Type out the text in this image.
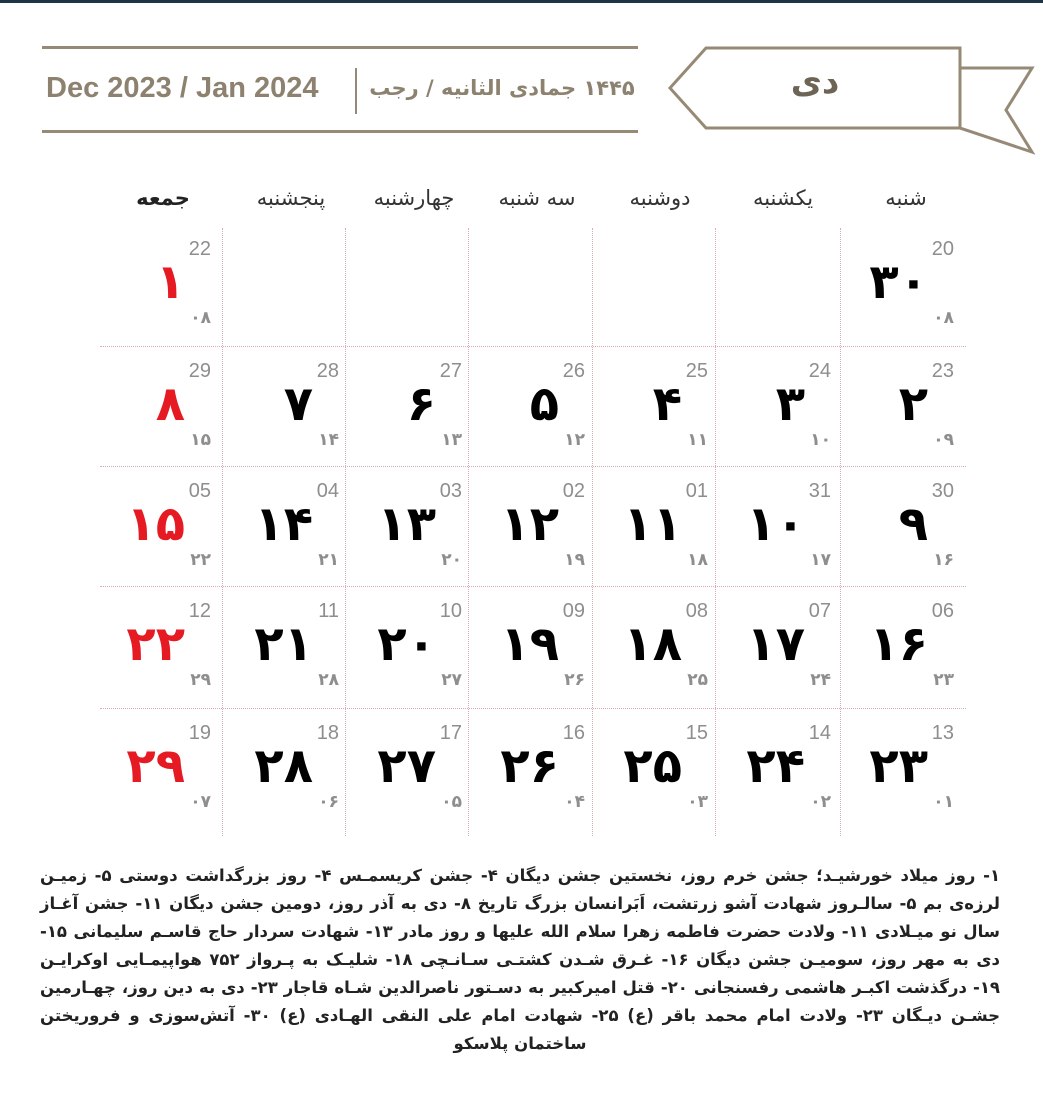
Dec 2023 / Jan 2024	۱۴۴۵ جمادی الثانیه / رجب	دی
شنبه
یکشنبه
دوشنبه
سه شنبه
چهارشنبه
پنجشنبه
جمعه
20
۳۰
۰۸
22
۱
۰۸
23
۲
۰۹
24
۳
۱۰
25
۴
۱۱
26
۵
۱۲
27
۶
۱۳
28
۷
۱۴
29
۸
۱۵
30
۹
۱۶
31
۱۰
۱۷
01
۱۱
۱۸
02
۱۲
۱۹
03
۱۳
۲۰
04
۱۴
۲۱
05
۱۵
۲۲
06
۱۶
۲۳
07
۱۷
۲۴
08
۱۸
۲۵
09
۱۹
۲۶
10
۲۰
۲۷
11
۲۱
۲۸
12
۲۲
۲۹
13
۲۳
۰۱
14
۲۴
۰۲
15
۲۵
۰۳
16
۲۶
۰۴
17
۲۷
۰۵
18
۲۸
۰۶
19
۲۹
۰۷
۱- روز میلاد خورشیـد؛ جشن خرم روز، نخستین جشن دیگان ۴- جشن کریسمـس ۴- روز بزرگداشت دوستی ۵- زمیـن لرزه‌ی بم ۵- سالـروز شهادت آشو زرتشت، اَبَرانسان بزرگ تاریخ ۸- دی به آذر روز، دومین جشن دیگان ۱۱- جشن آغـاز سال نو میـلادی ۱۱- ولادت حضرت فاطمه زهرا سلام الله علیها و روز مادر ۱۳- شهادت سردار حاج قاسـم سلیمانی ۱۵- دی به مهر روز، سومیـن جشن دیگان ۱۶- غـرق شـدن کشتـی سـانـچی ۱۸- شلیـک به پـرواز ۷۵۲ هواپیمـایی اوکرایـن ۱۹- درگذشت اکبـر هاشمی رفسنجانی ۲۰- قتل امیرکبیر به دسـتور ناصرالدین شـاه قاجار ۲۳- دی به دین روز، چهـارمین جشـن دیـگان ۲۳- ولادت امام محمد باقر (ع) ۲۵- شهادت امام علی النقی الهـادی (ع) ۳۰- آتش‌سوزی و فروریختن ساختمان پلاسکو
